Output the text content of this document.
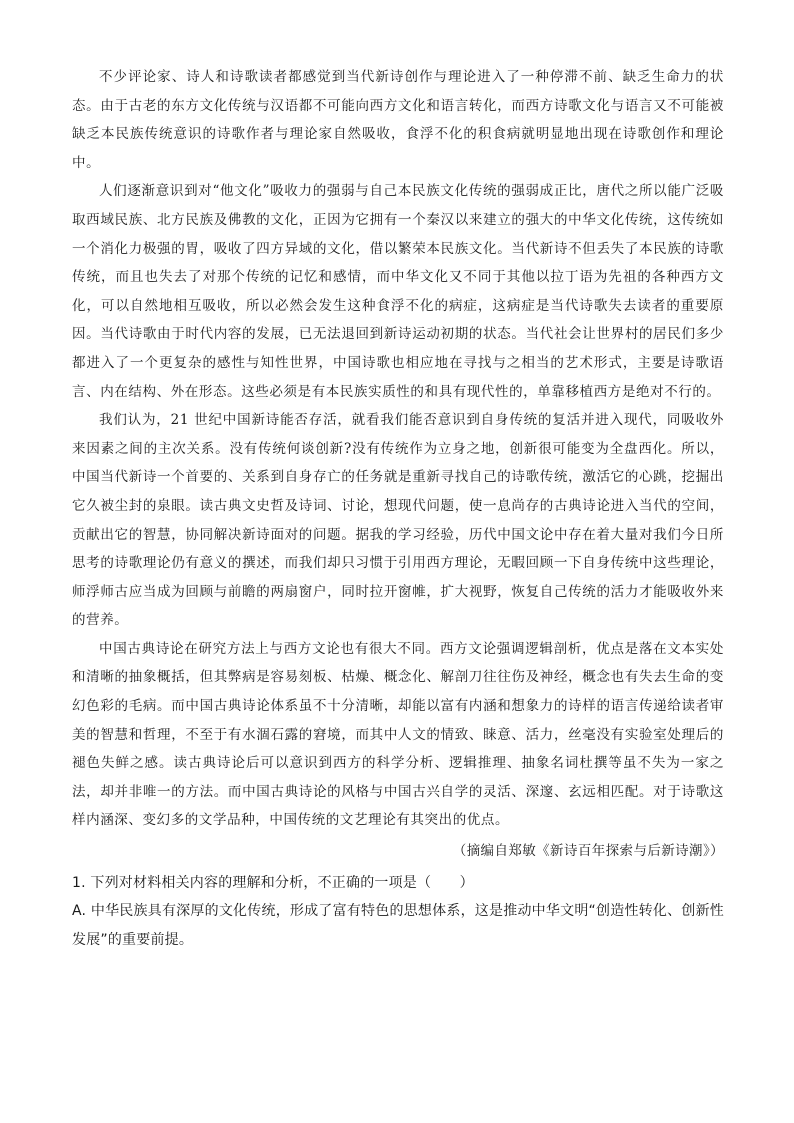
不少评论家、诗人和诗歌读者都感觉到当代新诗创作与理论进入了一种停滞不前、缺乏生命力的状态。由于古老的东方文化传统与汉语都不可能向西方文化和语言转化，而西方诗歌文化与语言又不可能被缺乏本民族传统意识的诗歌作者与理论家自然吸收，食浮不化的积食病就明显地出现在诗歌创作和理论中。

人们逐渐意识到对“他文化”吸收力的强弱与自己本民族文化传统的强弱成正比，唐代之所以能广泛吸取西域民族、北方民族及佛教的文化，正因为它拥有一个秦汉以来建立的强大的中华文化传统，这传统如一个消化力极强的胃，吸收了四方异域的文化，借以繁荣本民族文化。当代新诗不但丢失了本民族的诗歌传统，而且也失去了对那个传统的记忆和感情，而中华文化又不同于其他以拉丁语为先祖的各种西方文化，可以自然地相互吸收，所以必然会发生这种食浮不化的病症，这病症是当代诗歌失去读者的重要原因。当代诗歌由于时代内容的发展，已无法退回到新诗运动初期的状态。当代社会让世界村的居民们多少都进入了一个更复杂的感性与知性世界，中国诗歌也相应地在寻找与之相当的艺术形式，主要是诗歌语言、内在结构、外在形态。这些必须是有本民族实质性的和具有现代性的，单靠移植西方是绝对不行的。

我们认为，21 世纪中国新诗能否存活，就看我们能否意识到自身传统的复活并进入现代，同吸收外来因素之间的主次关系。没有传统何谈创新?没有传统作为立身之地，创新很可能变为全盘西化。所以，中国当代新诗一个首要的、关系到自身存亡的任务就是重新寻找自己的诗歌传统，激活它的心跳，挖掘出它久被尘封的泉眼。读古典文史哲及诗词、讨论，想现代问题，使一息尚存的古典诗论进入当代的空间，贡献出它的智慧，协同解决新诗面对的问题。据我的学习经验，历代中国文论中存在着大量对我们今日所思考的诗歌理论仍有意义的撰述，而我们却只习惯于引用西方理论，无暇回顾一下自身传统中这些理论，师浮师古应当成为回顾与前瞻的两扇窗户，同时拉开窗帷，扩大视野，恢复自己传统的活力才能吸收外来的营养。

中国古典诗论在研究方法上与西方文论也有很大不同。西方文论强调逻辑剖析，优点是落在文本实处和清晰的抽象概括，但其弊病是容易刻板、枯燥、概念化、解剖刀往往伤及神经，概念也有失去生命的变幻色彩的毛病。而中国古典诗论体系虽不十分清晰，却能以富有内涵和想象力的诗样的语言传递给读者审美的智慧和哲理，不至于有水涸石露的窘境，而其中人文的情致、睐意、活力，丝毫没有实验室处理后的褪色失鲜之感。读古典诗论后可以意识到西方的科学分析、逻辑推理、抽象名词杜撰等虽不失为一家之法，却并非唯一的方法。而中国古典诗论的风格与中国古兴自学的灵活、深邃、玄远相匹配。对于诗歌这样内涵深、变幻多的文学品种，中国传统的文艺理论有其突出的优点。

（摘编自郑敏《新诗百年探索与后新诗潮》）
1. 下列对材料相关内容的理解和分析，不正确的一项是（　　）
A. 中华民族具有深厚的文化传统，形成了富有特色的思想体系，这是推动中华文明“创造性转化、创新性发展”的重要前提。
